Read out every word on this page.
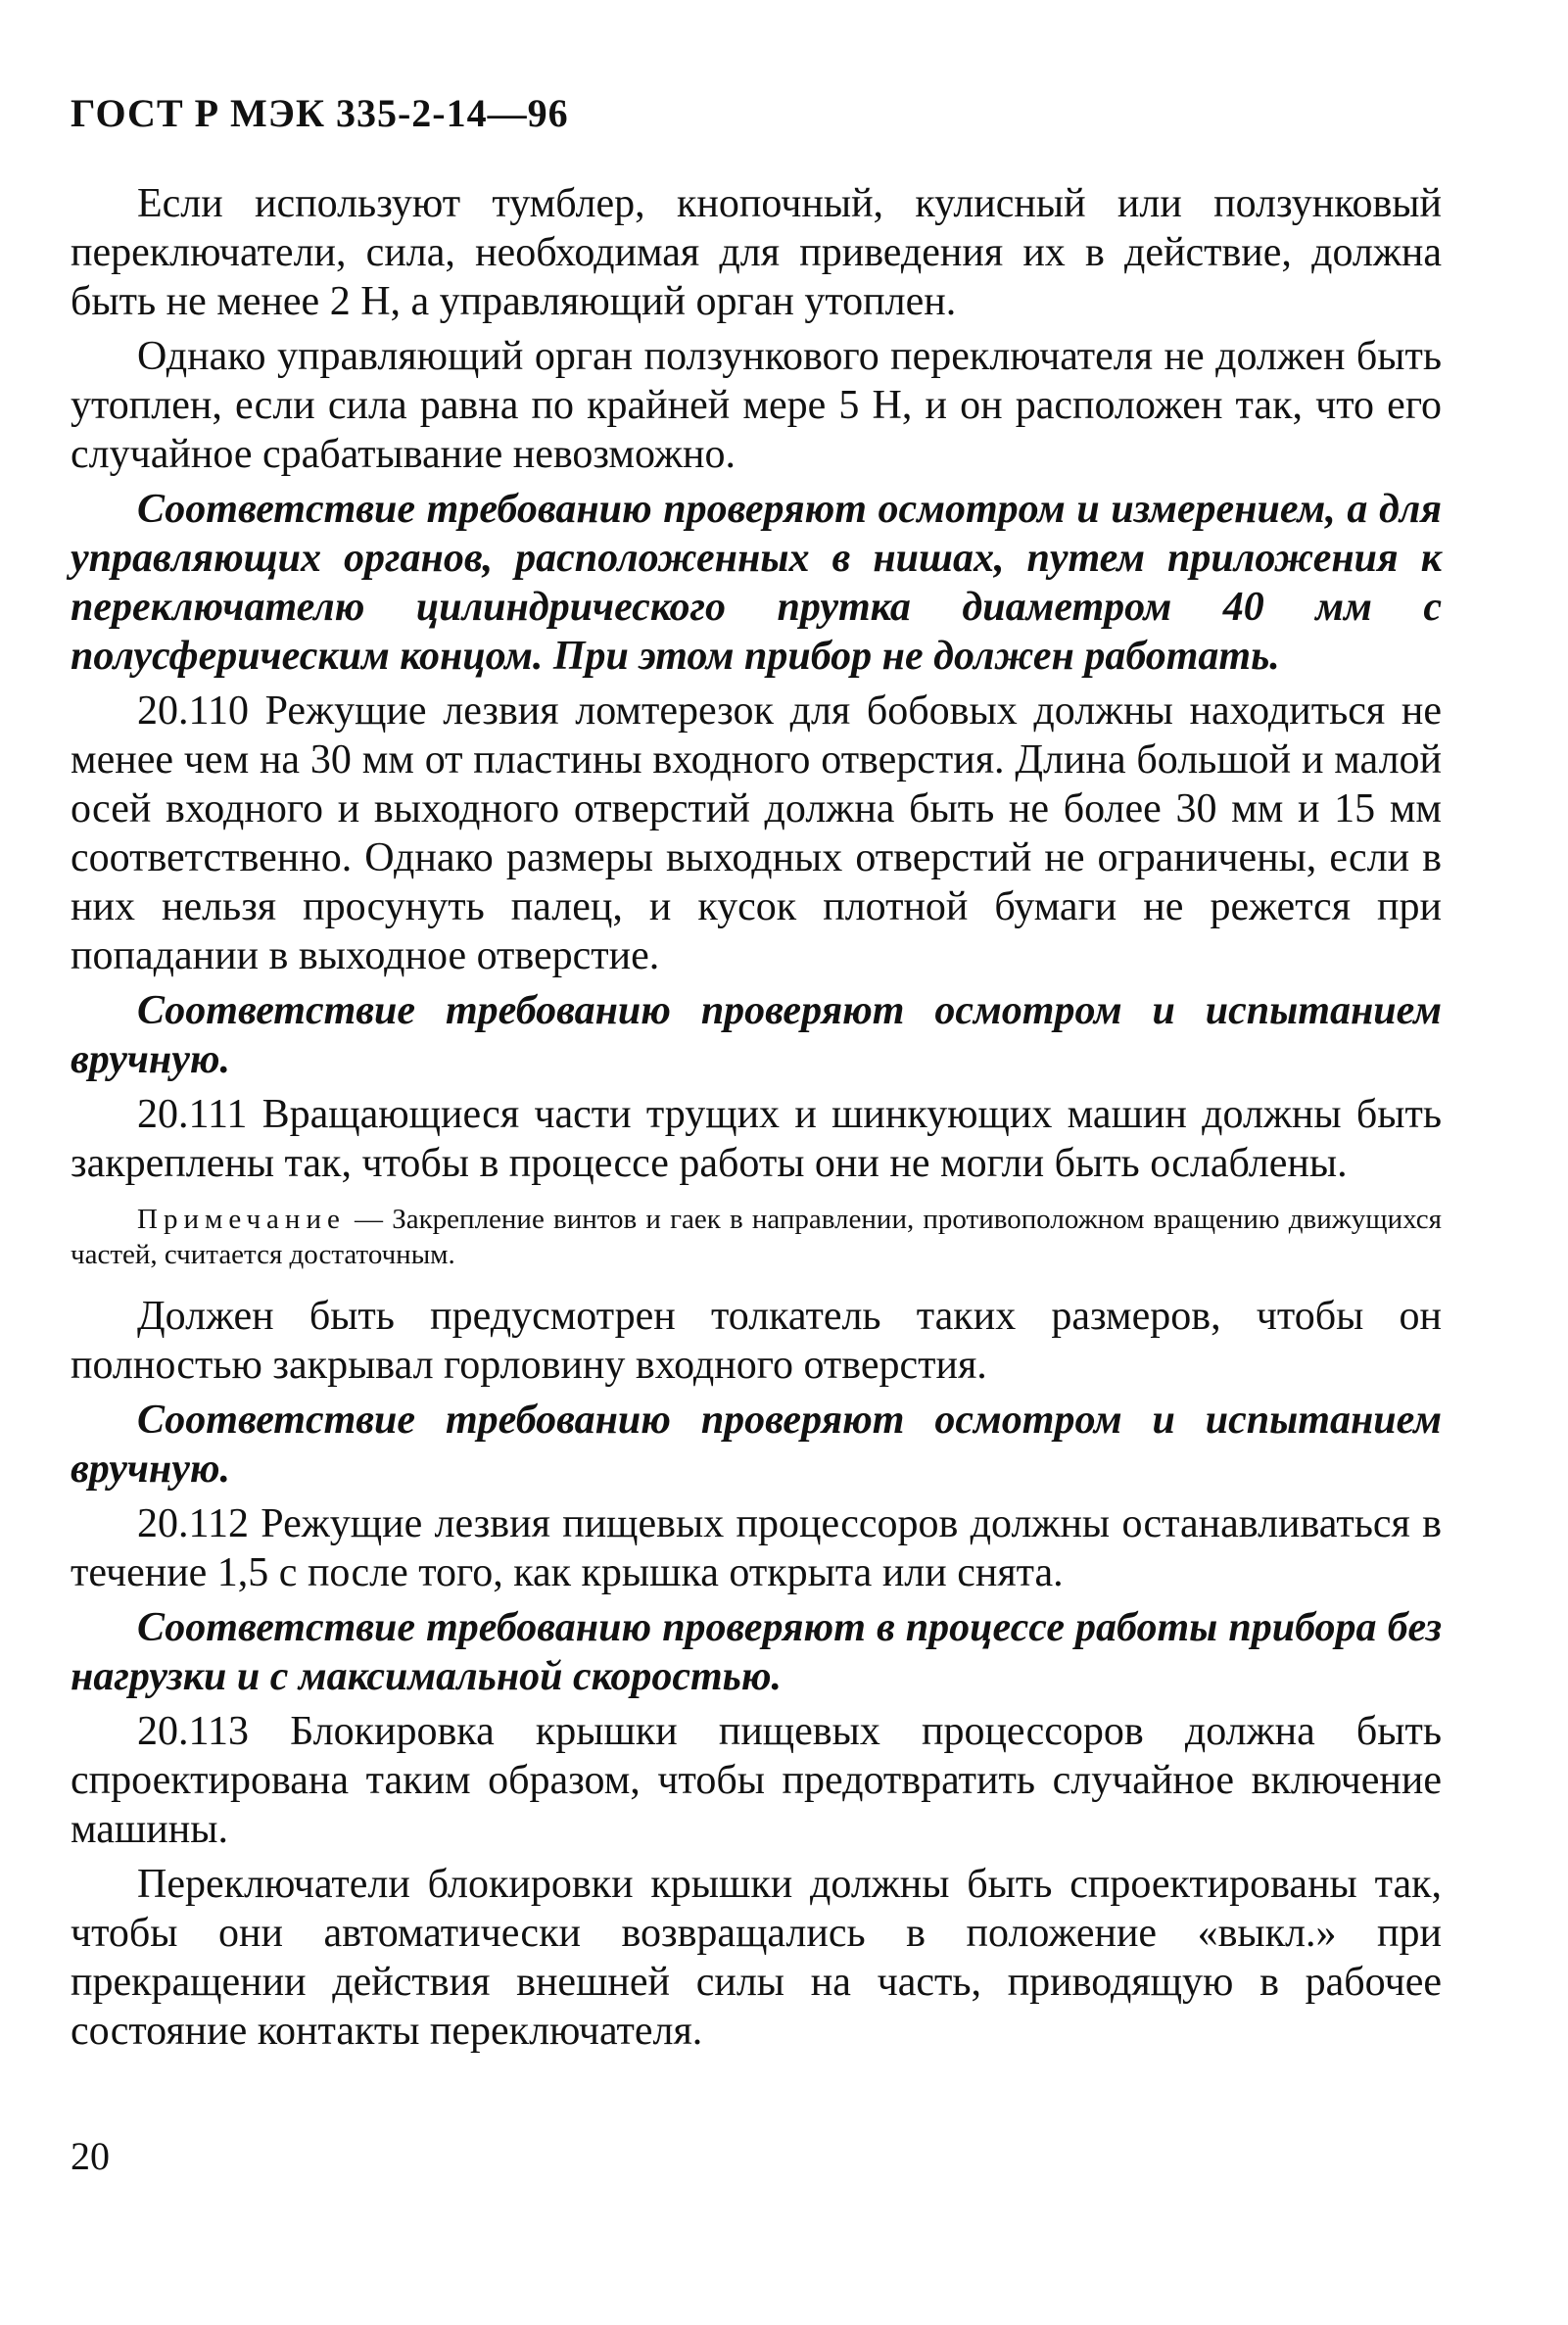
ГОСТ Р МЭК 335-2-14—96

Если используют тумблер, кнопочный, кулисный или ползунковый переключатели, сила, необходимая для приведения их в действие, должна быть не менее 2 Н, а управляющий орган утоплен.

Однако управляющий орган ползункового переключателя не должен быть утоплен, если сила равна по крайней мере 5 Н, и он расположен так, что его случайное срабатывание невозможно.

Соответствие требованию проверяют осмотром и измерением, а для управляющих органов, расположенных в нишах, путем приложения к переключателю цилиндрического прутка диаметром 40 мм с полусферическим концом. При этом прибор не должен работать.

20.110 Режущие лезвия ломтерезок для бобовых должны находиться не менее чем на 30 мм от пластины входного отверстия. Длина большой и малой осей входного и выходного отверстий должна быть не более 30 мм и 15 мм соответственно. Однако размеры выходных отверстий не ограничены, если в них нельзя просунуть палец, и кусок плотной бумаги не режется при попадании в выходное отверстие.

Соответствие требованию проверяют осмотром и испытанием вручную.

20.111 Вращающиеся части трущих и шинкующих машин должны быть закреплены так, чтобы в процессе работы они не могли быть ослаблены.

Примечание — Закрепление винтов и гаек в направлении, противоположном вращению движущихся частей, считается достаточным.

Должен быть предусмотрен толкатель таких размеров, чтобы он полностью закрывал горловину входного отверстия.

Соответствие требованию проверяют осмотром и испытанием вручную.

20.112 Режущие лезвия пищевых процессоров должны останавливаться в течение 1,5 с после того, как крышка открыта или снята.

Соответствие требованию проверяют в процессе работы прибора без нагрузки и с максимальной скоростью.

20.113 Блокировка крышки пищевых процессоров должна быть спроектирована таким образом, чтобы предотвратить случайное включение машины.

Переключатели блокировки крышки должны быть спроектированы так, чтобы они автоматически возвращались в положение «выкл.» при прекращении действия внешней силы на часть, приводящую в рабочее состояние контакты переключателя.

20
